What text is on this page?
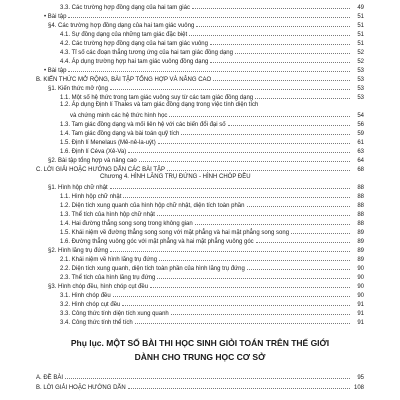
3.3. Các trường hợp đồng dạng của hai tam giác	49
• Bài tập	51
§4. Các trường hợp đồng dạng của hai tam giác vuông	51
4.1. Sự đồng dạng của những tam giác đặc biệt	51
4.2. Các trường hợp đồng dạng của hai tam giác vuông	51
4.3. Tỉ số các đoạn thẳng tương ứng của hai tam giác đồng dạng	52
4.4. Áp dụng trường hợp hai tam giác vuông đồng dạng	52
• Bài tập	53
B. KIẾN THỨC MỞ RỘNG, BÀI TẬP TỔNG HỢP VÀ NÂNG CAO	53
§1. Kiến thức mở rộng	53
1.1. Một số hệ thức trong tam giác vuông suy từ các tam giác đồng dạng	53
1.2. Áp dụng Định lí Thales và tam giác đồng dạng trong việc tính diện tích
và chứng minh các hệ thức hình học	54
1.3. Tam giác đồng dạng và mối liên hệ với các biến đổi đại số	56
1.4. Tam giác đồng dạng và bài toán quỹ tích	59
1.5. Định lí Menelaus (Mê-nê-la-uýt)	61
1.6. Định lí Céva (Xê-Va)	63
§2. Bài tập tổng hợp và nâng cao	64
C. LỜI GIẢI HOẶC HƯỚNG DẪN CÁC BÀI TẬP	68
Chương 4. HÌNH LĂNG TRỤ ĐỨNG - HÌNH CHÓP ĐỀU
§1. Hình hộp chữ nhật	88
1.1. Hình hộp chữ nhật	88
1.2. Diện tích xung quanh của hình hộp chữ nhật, diện tích toàn phần	88
1.3. Thể tích của hình hộp chữ nhật	88
1.4. Hai đường thẳng song song trong không gian	88
1.5. Khái niệm về đường thẳng song song với mặt phẳng và hai mặt phẳng song song	89
1.6. Đường thẳng vuông góc với mặt phẳng và hai mặt phẳng vuông góc	89
§2. Hình lăng trụ đứng	89
2.1. Khái niệm về hình lăng trụ đứng	89
2.2. Diện tích xung quanh, diện tích toàn phần của hình lăng trụ đứng	90
2.3. Thể tích của hình lăng trụ đứng	90
§3. Hình chóp đều, hình chóp cụt đều	90
3.1. Hình chóp đều	90
3.2. Hình chóp cụt đều	91
3.3. Công thức tính diện tích xung quanh	91
3.4. Công thức tính thể tích	91
Phụ lục. MỘT SỐ BÀI THI HỌC SINH GIỎI TOÁN TRÊN THẾ GIỚI
DÀNH CHO TRUNG HỌC CƠ SỞ
A. ĐỀ BÀI	95
B. LỜI GIẢI HOẶC HƯỚNG DẪN	108
